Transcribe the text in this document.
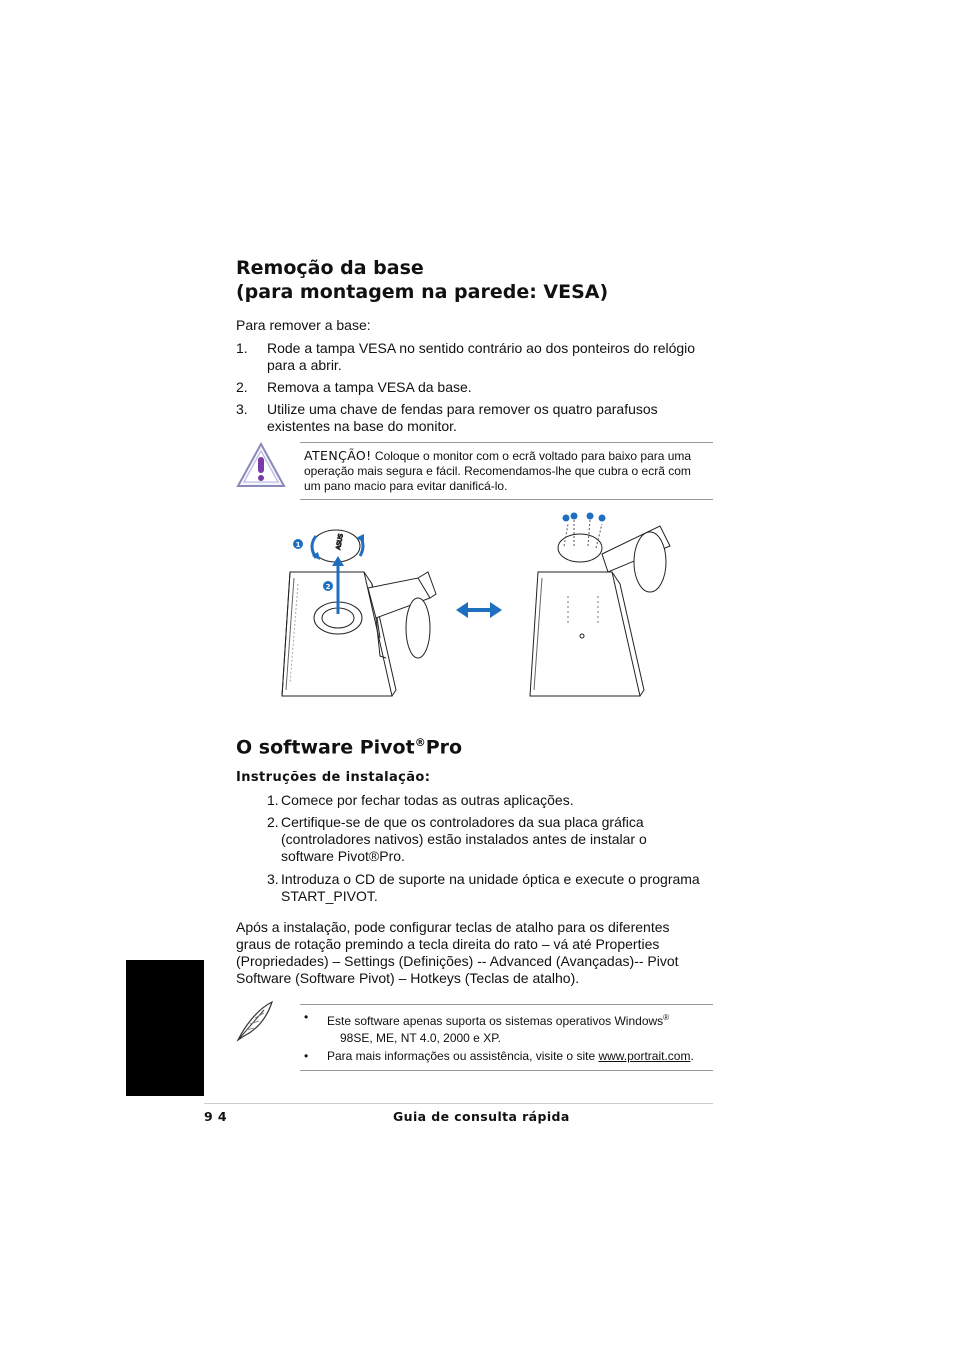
Remoção da base
(para montagem na parede: VESA)
Para remover a base:
1. Rode a tampa VESA no sentido contrário ao dos ponteiros do relógio
para a abrir.
2. Remova a tampa VESA da base.
3. Utilize uma chave de fendas para remover os quatro parafusos
existentes na base do monitor.
ATENÇÃO! Coloque o monitor com o ecrã voltado para baixo para uma
operação mais segura e fácil. Recomendamos-lhe que cubra o ecrã com
um pano macio para evitar danificá-lo.
ASUS
1
2
O software Pivot®Pro
Instruções de instalação:
1. Comece por fechar todas as outras aplicações.
2. Certifique-se de que os controladores da sua placa gráfica
(controladores nativos) estão instalados antes de instalar o
software Pivot®Pro.
3. Introduza o CD de suporte na unidade óptica e execute o programa
START_PIVOT.
Após a instalação, pode configurar teclas de atalho para os diferentes
graus de rotação premindo a tecla direita do rato – vá até Properties
(Propriedades) – Settings (Definições) -- Advanced (Avançadas)-- Pivot
Software (Software Pivot) – Hotkeys (Teclas de atalho).
• Este software apenas suporta os sistemas operativos Windows®
98SE, ME, NT 4.0, 2000 e XP.
• Para mais informações ou assistência, visite o site www.portrait.com.
9 4	Guia de consulta rápida
